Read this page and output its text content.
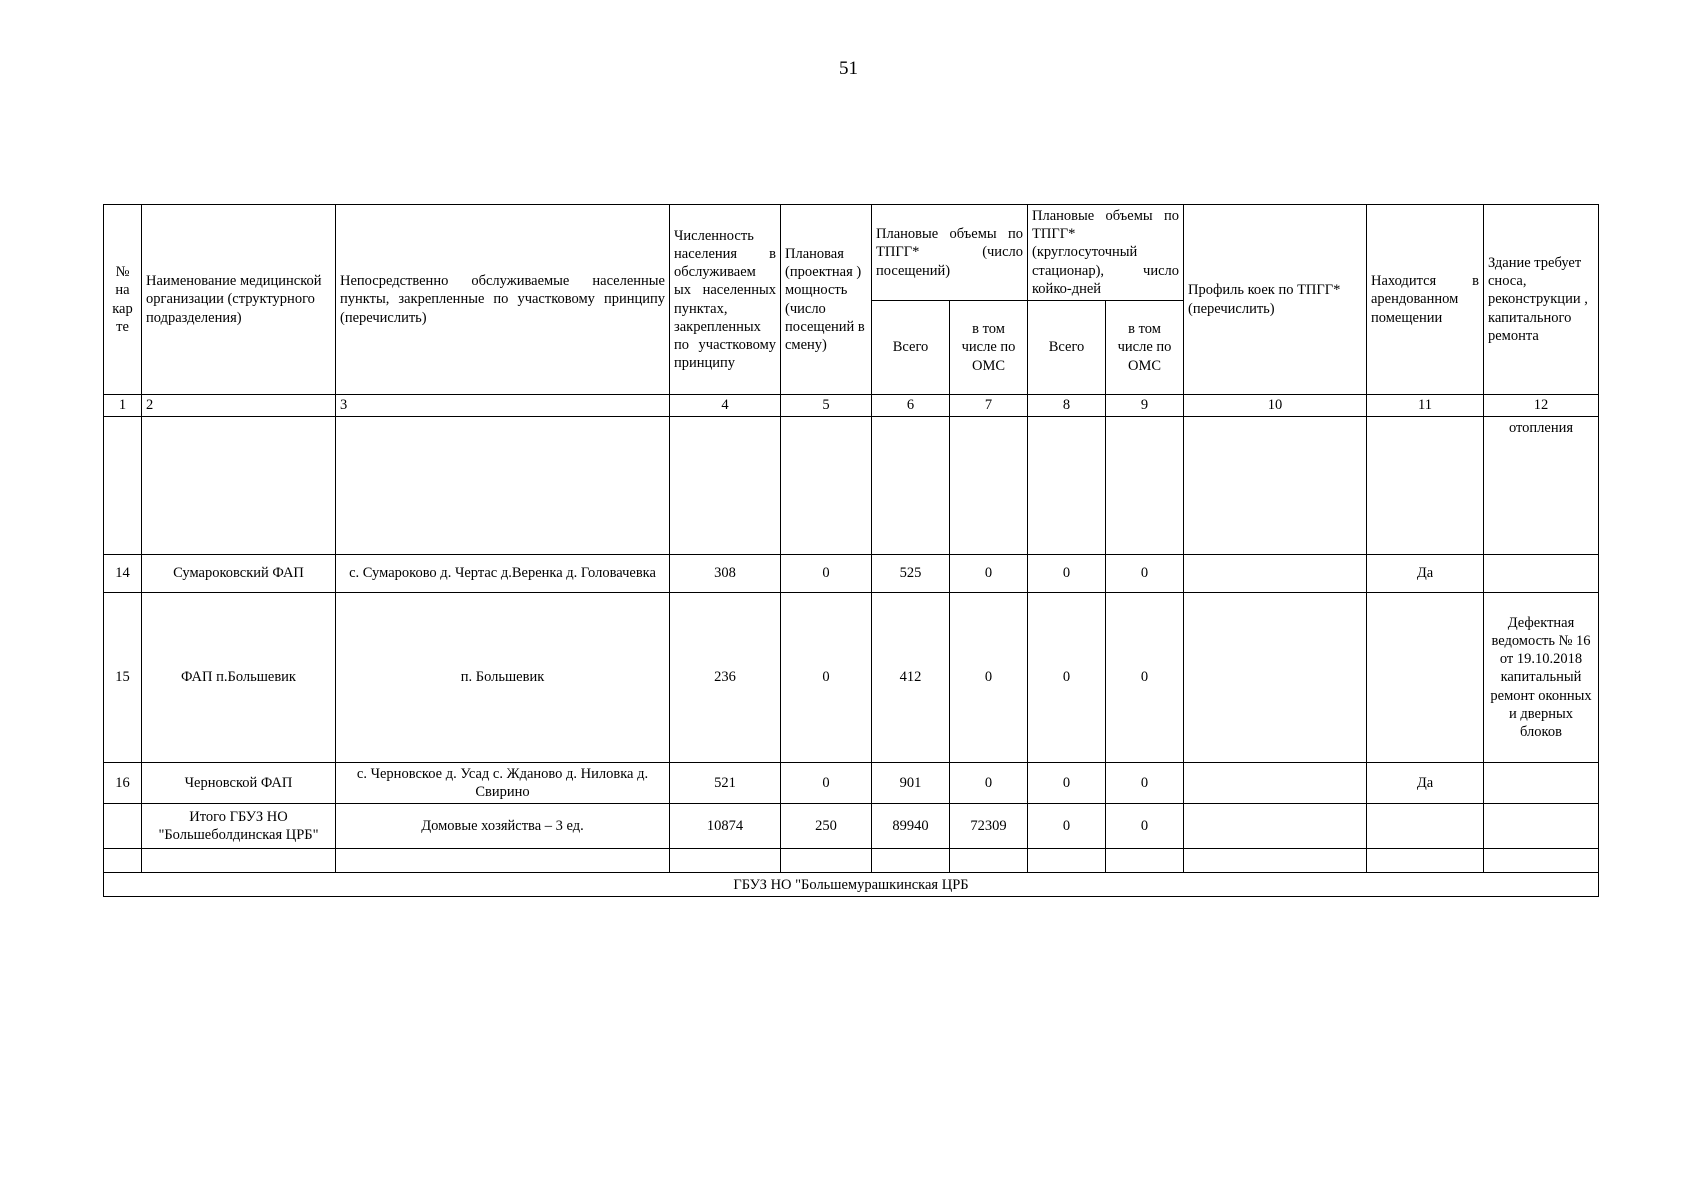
51
№ на кар те	Наименование медицинской организации (структурного подразделения)	Непосредственно обслуживаемые населенные пункты, закрепленные по участковому принципу (перечислить)	Численность населения в обслуживаем ых населенных пунктах, закрепленных по участковому принципу	Плановая (проектная ) мощность (число посещений в смену)	Плановые объемы по ТПГГ* (число посещений)		Плановые объемы по ТПГГ* (круглосуточный стационар), число койко-дней		Профиль коек по ТПГГ* (перечислить)	Находится в арендованном помещении	Здание требует сноса, реконструкции , капитального ремонта
					Всего	в том числе по ОМС	Всего	в том числе по ОМС			
1	2	3	4	5	6	7	8	9	10	11	12
											отопления
14	Сумароковский ФАП	с. Сумароково д. Чертас д.Веренка д. Головачевка	308	0	525	0	0	0		Да	
15	ФАП п.Большевик	п. Большевик	236	0	412	0	0	0			Дефектная ведомость № 16 от 19.10.2018 капитальный ремонт оконных и дверных блоков
16	Черновской ФАП	с. Черновское д. Усад с. Жданово д. Ниловка д. Свирино	521	0	901	0	0	0		Да	
	Итого ГБУЗ НО "Большеболдинская ЦРБ"	Домовые хозяйства – 3 ед.	10874	250	89940	72309	0	0			

ГБУЗ НО "Большемурашкинская ЦРБ											
